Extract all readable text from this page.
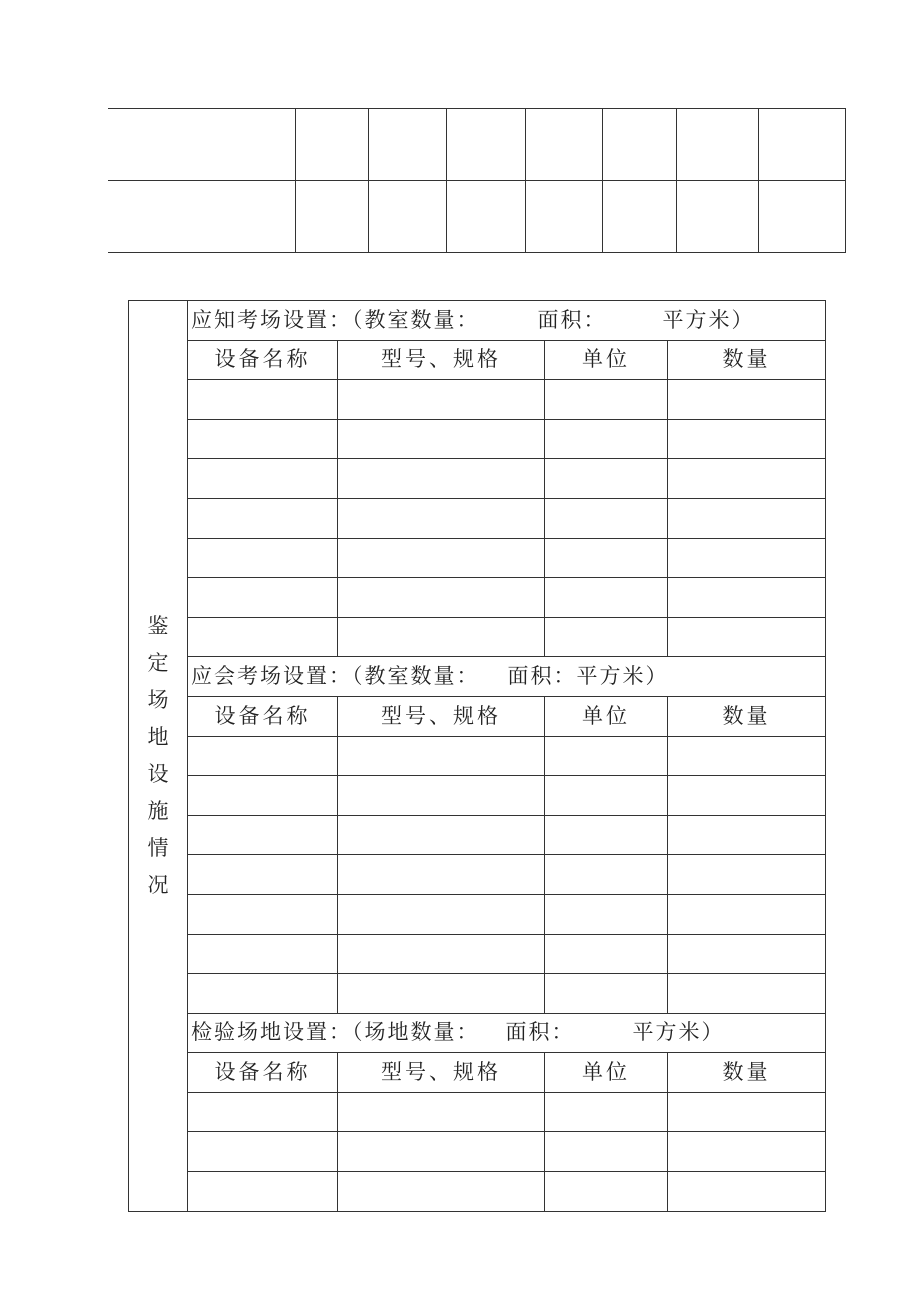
鉴定场地设施情况	应知考场设置：（教室数量： 面积： 平方米）			
	设备名称	型号、规格	单位	数量

	应会考场设置：（教室数量： 面积：平方米）			
	设备名称	型号、规格	单位	数量

	检验场地设置：（场地数量： 面积： 平方米）			
	设备名称	型号、规格	单位	数量
